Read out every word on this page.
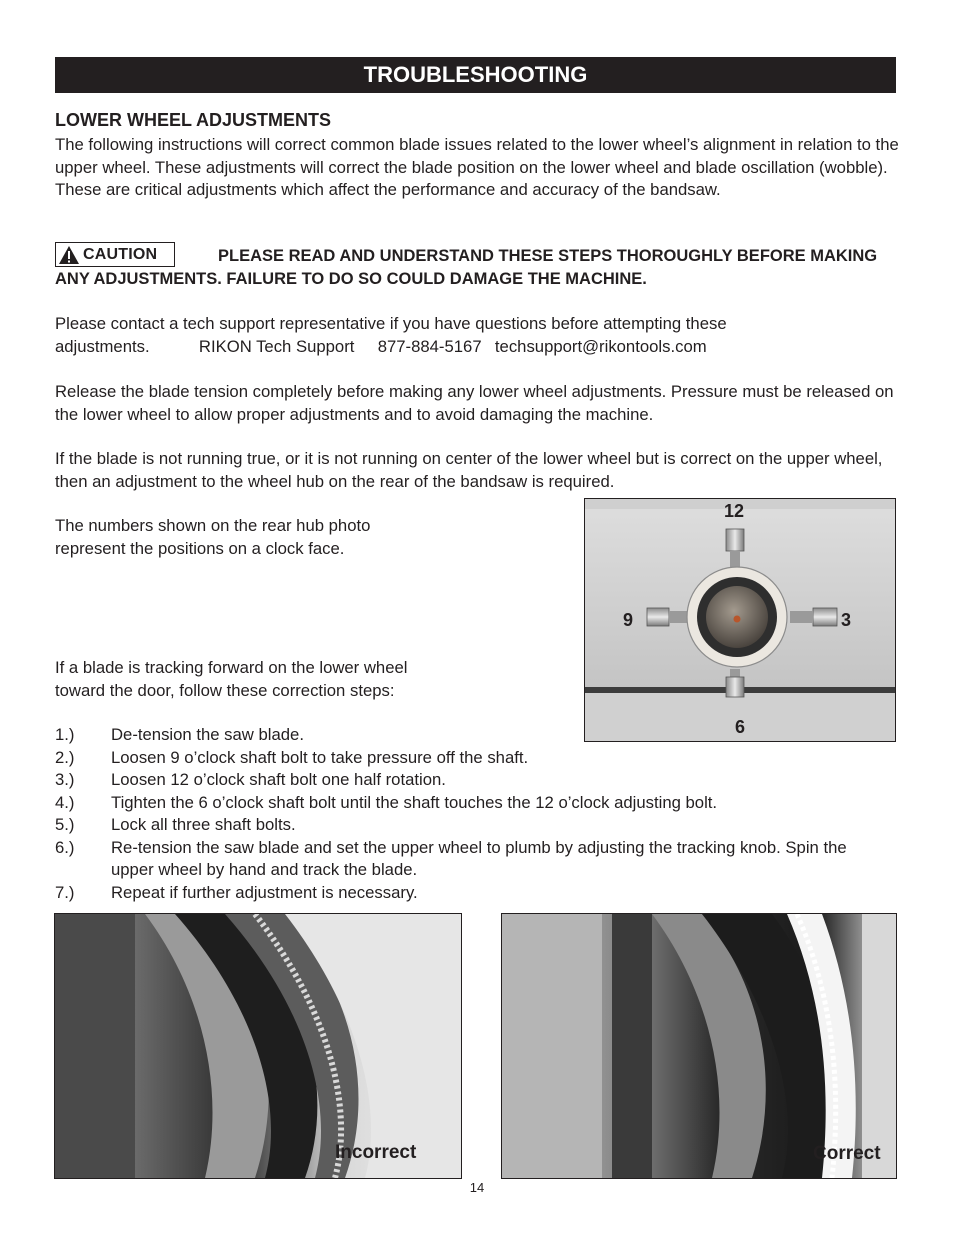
TROUBLESHOOTING
LOWER WHEEL ADJUSTMENTS
The following instructions will correct common blade issues related to the lower wheel’s alignment in relation to the upper wheel. These adjustments will correct the blade position on the lower wheel and blade oscillation (wobble). These are critical adjustments which affect the performance and accuracy of the bandsaw.
PLEASE READ AND UNDERSTAND THESE STEPS THOROUGHLY BEFORE MAKING ANY ADJUSTMENTS. FAILURE TO DO SO COULD DAMAGE THE MACHINE.
CAUTION
Please contact a tech support representative if you have questions before attempting these
adjustments.	RIKON Tech Support 877-884-5167 techsupport@rikontools.com
Release the blade tension completely before making any lower wheel adjustments. Pressure must be released on the lower wheel to allow proper adjustments and to avoid damaging the machine.
If the blade is not running true, or it is not running on center of the lower wheel but is correct on the upper wheel, then an adjustment to the wheel hub on the rear of the bandsaw is required.
The numbers shown on the rear hub photo
represent the positions on a clock face.
If a blade is tracking forward on the lower wheel
toward the door, follow these correction steps:
12
3
6
9
1.)	De-tension the saw blade.
2.)	Loosen 9 o’clock shaft bolt to take pressure off the shaft.
3.)	Loosen 12 o’clock shaft bolt one half rotation.
4.)	Tighten the 6 o’clock shaft bolt until the shaft touches the 12 o’clock adjusting bolt.
5.)	Lock all three shaft bolts.
6.)	Re-tension the saw blade and set the upper wheel to plumb by adjusting the tracking knob. Spin the upper wheel by hand and track the blade.
7.)	Repeat if further adjustment is necessary.
Incorrect	Correct
14
